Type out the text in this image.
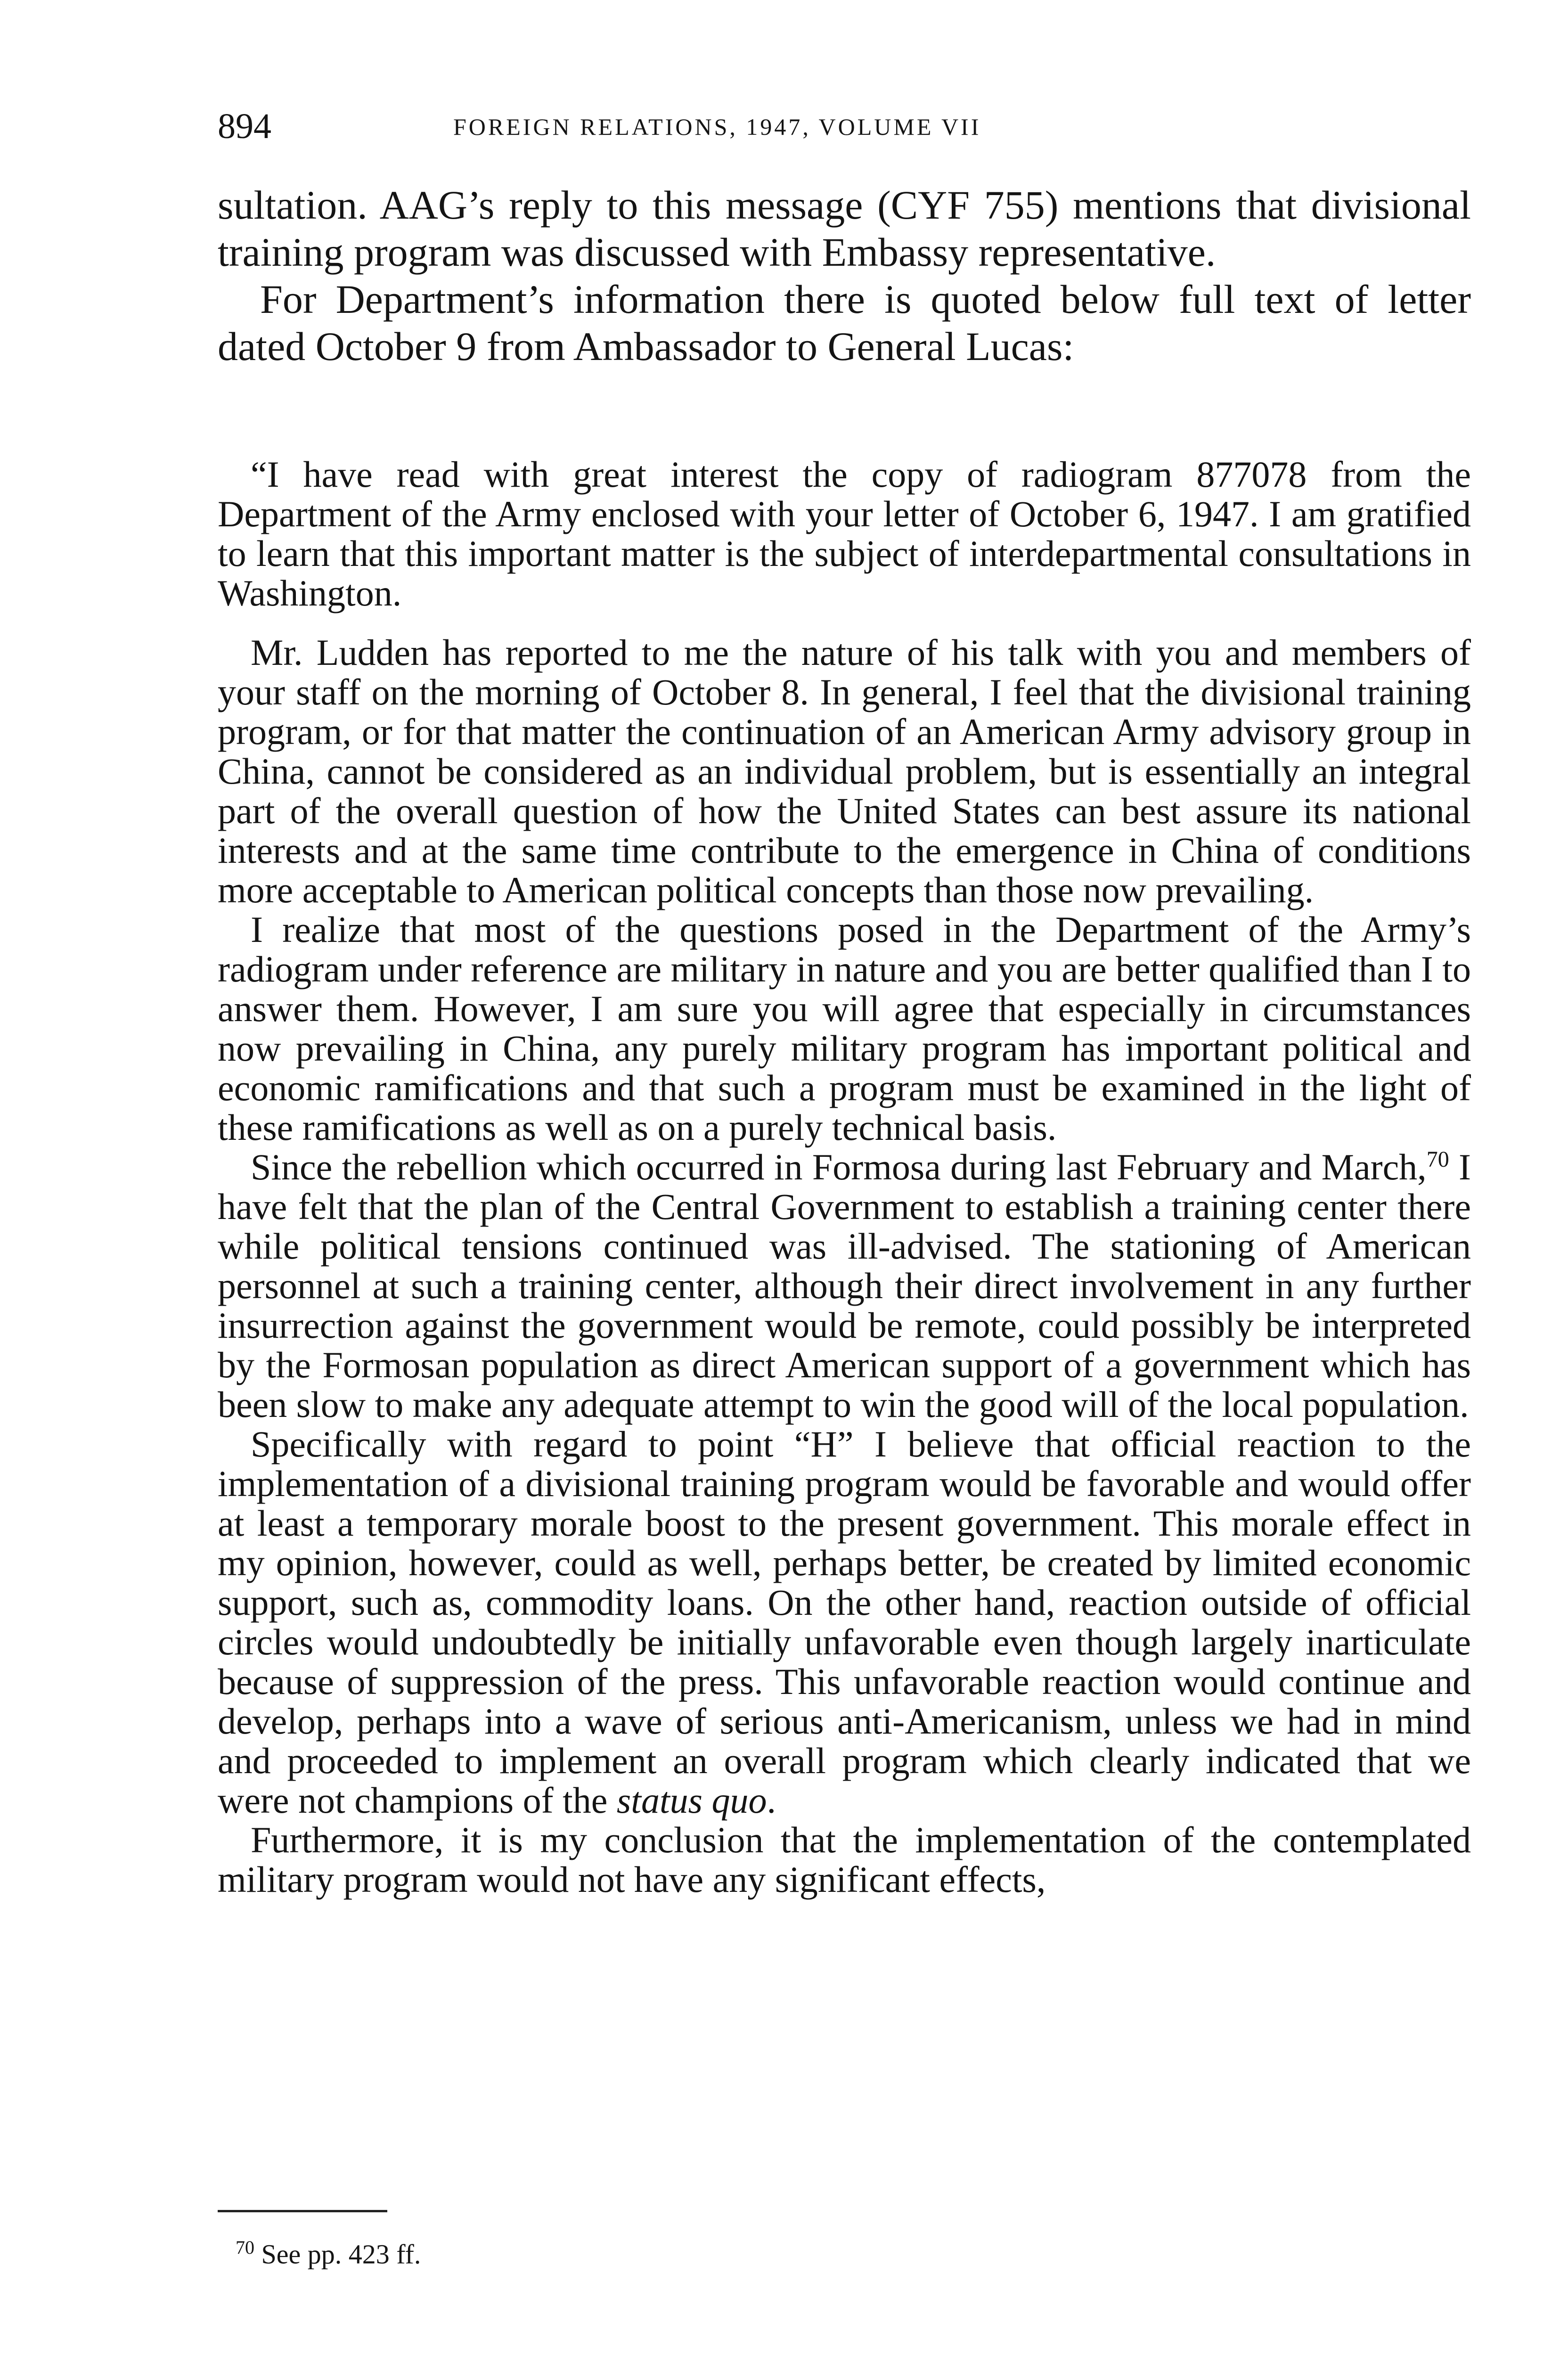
894	FOREIGN RELATIONS, 1947, VOLUME VII

sultation. AAG’s reply to this message (CYF 755) mentions that divisional training program was discussed with Embassy representative.

For Department’s information there is quoted below full text of letter dated October 9 from Ambassador to General Lucas:

“I have read with great interest the copy of radiogram 877078 from the Department of the Army enclosed with your letter of October 6, 1947. I am gratified to learn that this important matter is the subject of interdepartmental consultations in Washington.

Mr. Ludden has reported to me the nature of his talk with you and members of your staff on the morning of October 8. In general, I feel that the divisional training program, or for that matter the continuation of an American Army advisory group in China, cannot be considered as an individual problem, but is essentially an integral part of the overall question of how the United States can best assure its national interests and at the same time contribute to the emergence in China of conditions more acceptable to American political concepts than those now prevailing.

I realize that most of the questions posed in the Department of the Army’s radiogram under reference are military in nature and you are better qualified than I to answer them. However, I am sure you will agree that especially in circumstances now prevailing in China, any purely military program has important political and economic ramifications and that such a program must be examined in the light of these ramifications as well as on a purely technical basis.

Since the rebellion which occurred in Formosa during last February and March,$^{70}$ I have felt that the plan of the Central Government to establish a training center there while political tensions continued was ill-advised. The stationing of American personnel at such a training center, although their direct involvement in any further insurrection against the government would be remote, could possibly be interpreted by the Formosan population as direct American support of a government which has been slow to make any adequate attempt to win the good will of the local population.

Specifically with regard to point “H” I believe that official reaction to the implementation of a divisional training program would be favorable and would offer at least a temporary morale boost to the present government. This morale effect in my opinion, however, could as well, perhaps better, be created by limited economic support, such as, commodity loans. On the other hand, reaction outside of official circles would undoubtedly be initially unfavorable even though largely inarticulate because of suppression of the press. This unfavorable reaction would continue and develop, perhaps into a wave of serious anti-Americanism, unless we had in mind and proceeded to implement an overall program which clearly indicated that we were not champions of the status quo.

Furthermore, it is my conclusion that the implementation of the contemplated military program would not have any significant effects,

$^{70}$ See pp. 423 ff.
